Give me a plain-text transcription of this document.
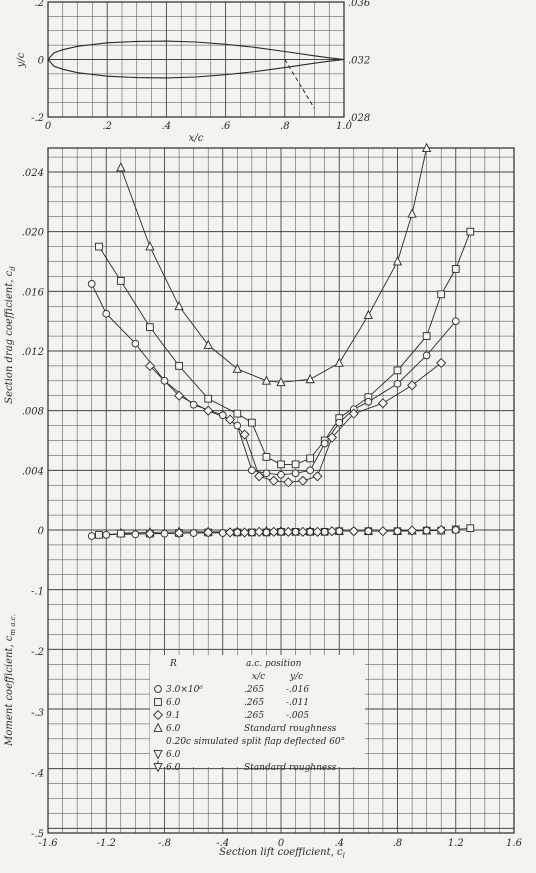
0	.2	.4	.6	.8	1.0
.2
0
-.2
.036
.032
.028
x/c
y/c
-1.6	-1.2	-.8	-.4	0	.4	.8	1.2	1.6
.024
.020
.016
.012
.008
.004
0
-.1
-.2
-.3
-.4
-.5
Section lift coefficient, $c_l$
Section drag coefficient, $c_d$
Moment coefficient, $c_{m a.c.}$
R	a.c. position
x/c	y/c
3.0×10⁶	.265 -.016
6.0	.265 -.011
9.1	.265 -.005
6.0	Standard roughness
0.20c simulated split flap deflected 60°
6.0
6.0	Standard roughness
